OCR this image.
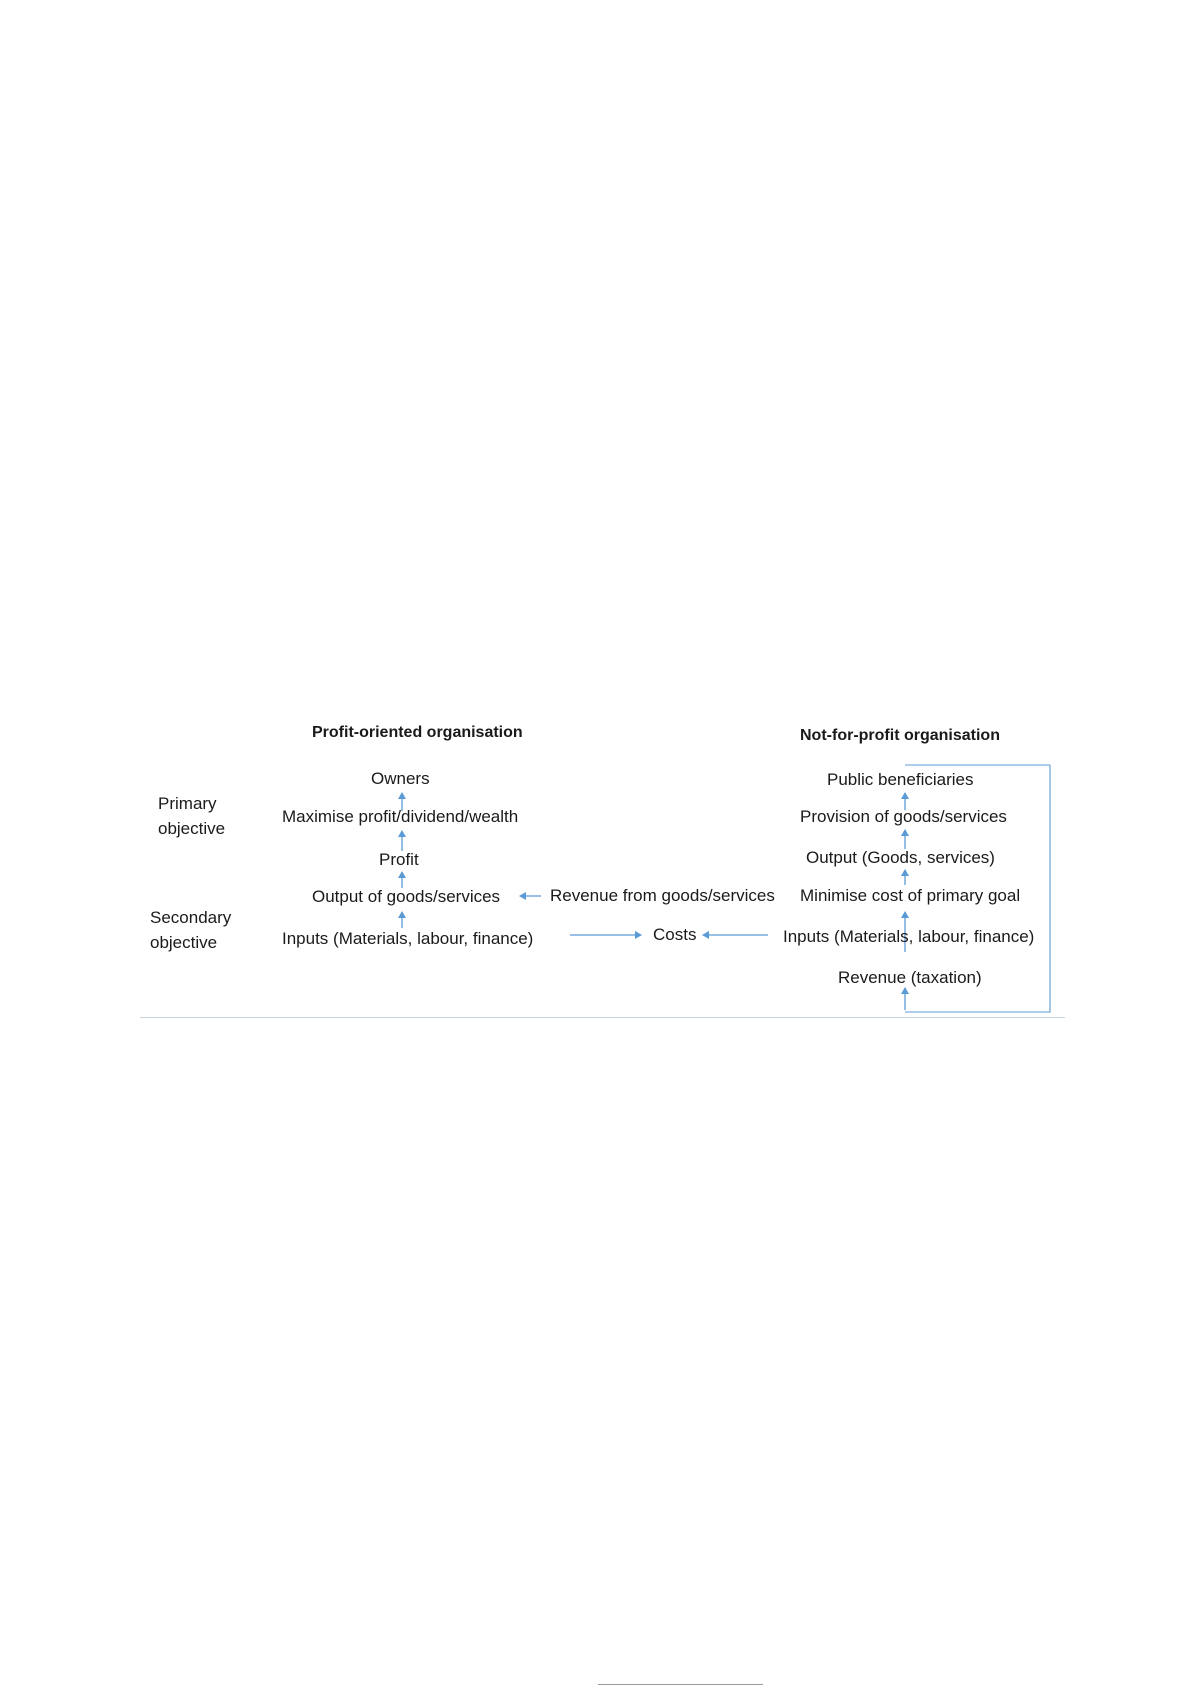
Profit-oriented organisation	Not-for-profit organisation
Primary
objective
Secondary
objective
Owners
Maximise profit/dividend/wealth
Profit
Output of goods/services
Inputs (Materials, labour, finance)
Revenue from goods/services
Costs
Public beneficiaries
Provision of goods/services
Output (Goods, services)
Minimise cost of primary goal
Inputs (Materials, labour, finance)
Revenue (taxation)
